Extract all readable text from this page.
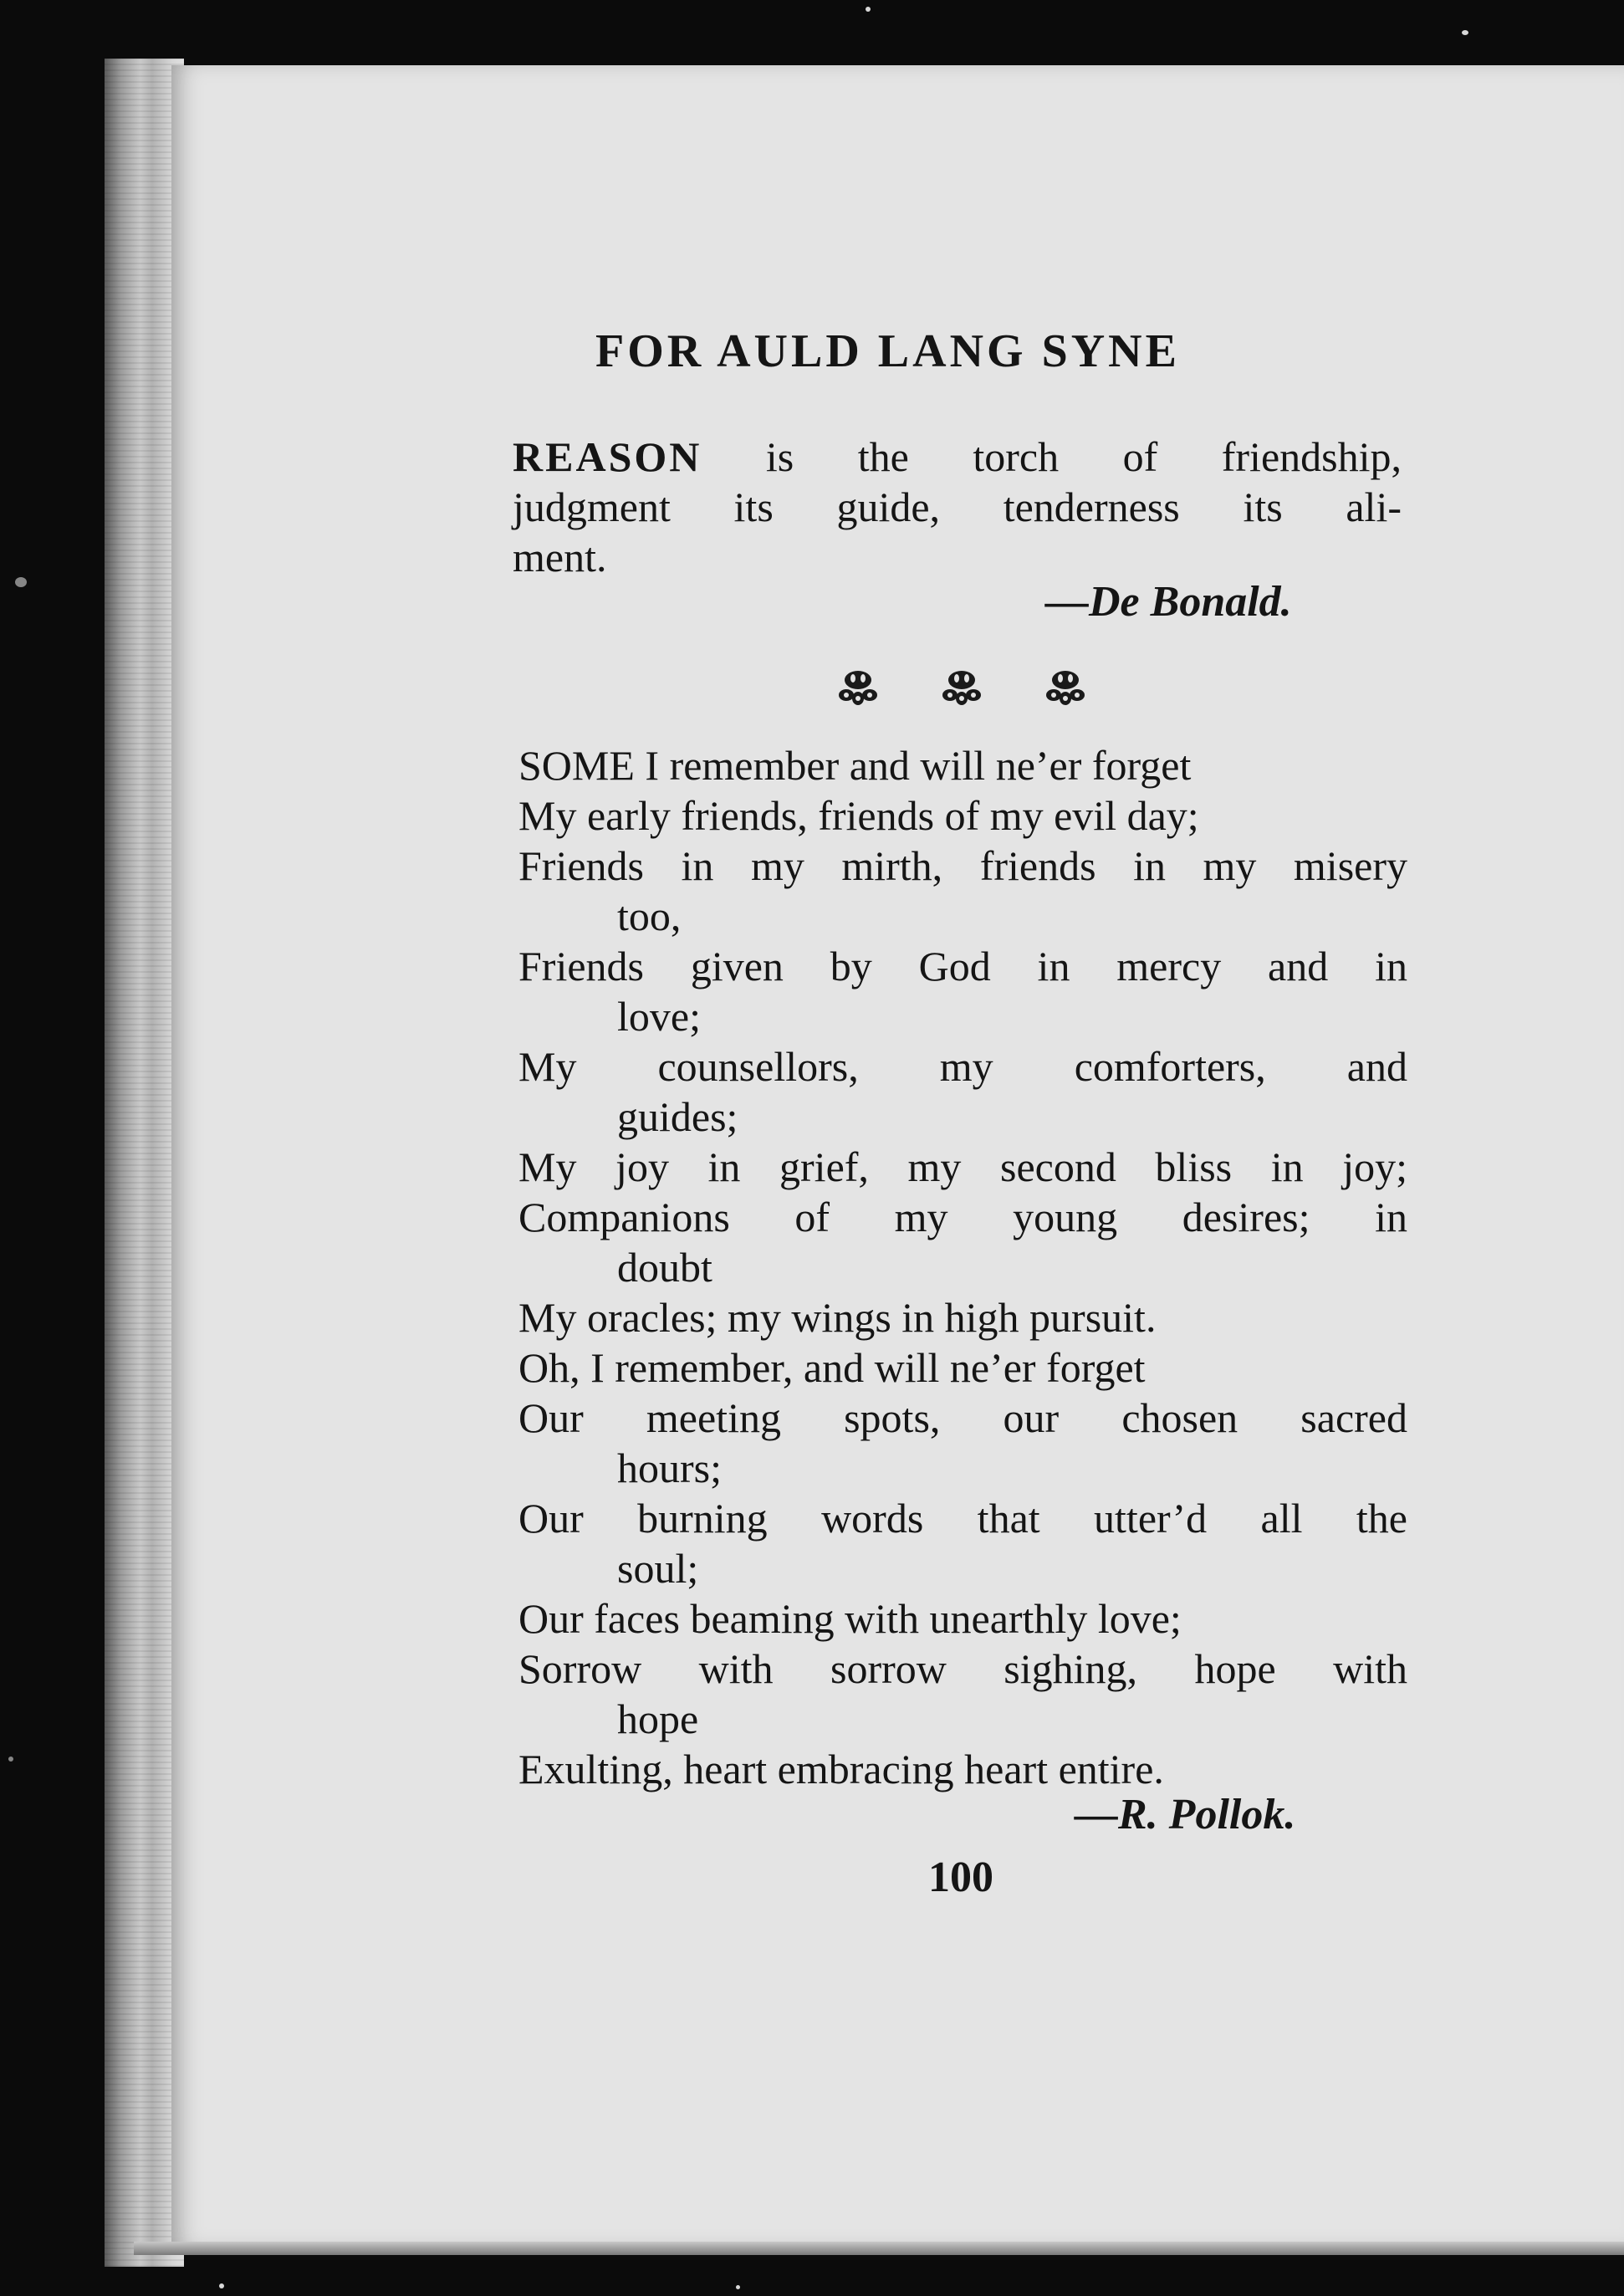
FOR AULD LANG SYNE
REASON is the torch of friendship,
judgment its guide, tenderness its ali-
ment.
—De Bonald.
SOME I remember and will ne’er forget
My early friends, friends of my evil day;
Friends in my mirth, friends in my misery
too,
Friends given by God in mercy and in
love;
My counsellors, my comforters, and
guides;
My joy in grief, my second bliss in joy;
Companions of my young desires; in
doubt
My oracles; my wings in high pursuit.
Oh, I remember, and will ne’er forget
Our meeting spots, our chosen sacred
hours;
Our burning words that utter’d all the
soul;
Our faces beaming with unearthly love;
Sorrow with sorrow sighing, hope with
hope
Exulting, heart embracing heart entire.
—R. Pollok.
100
